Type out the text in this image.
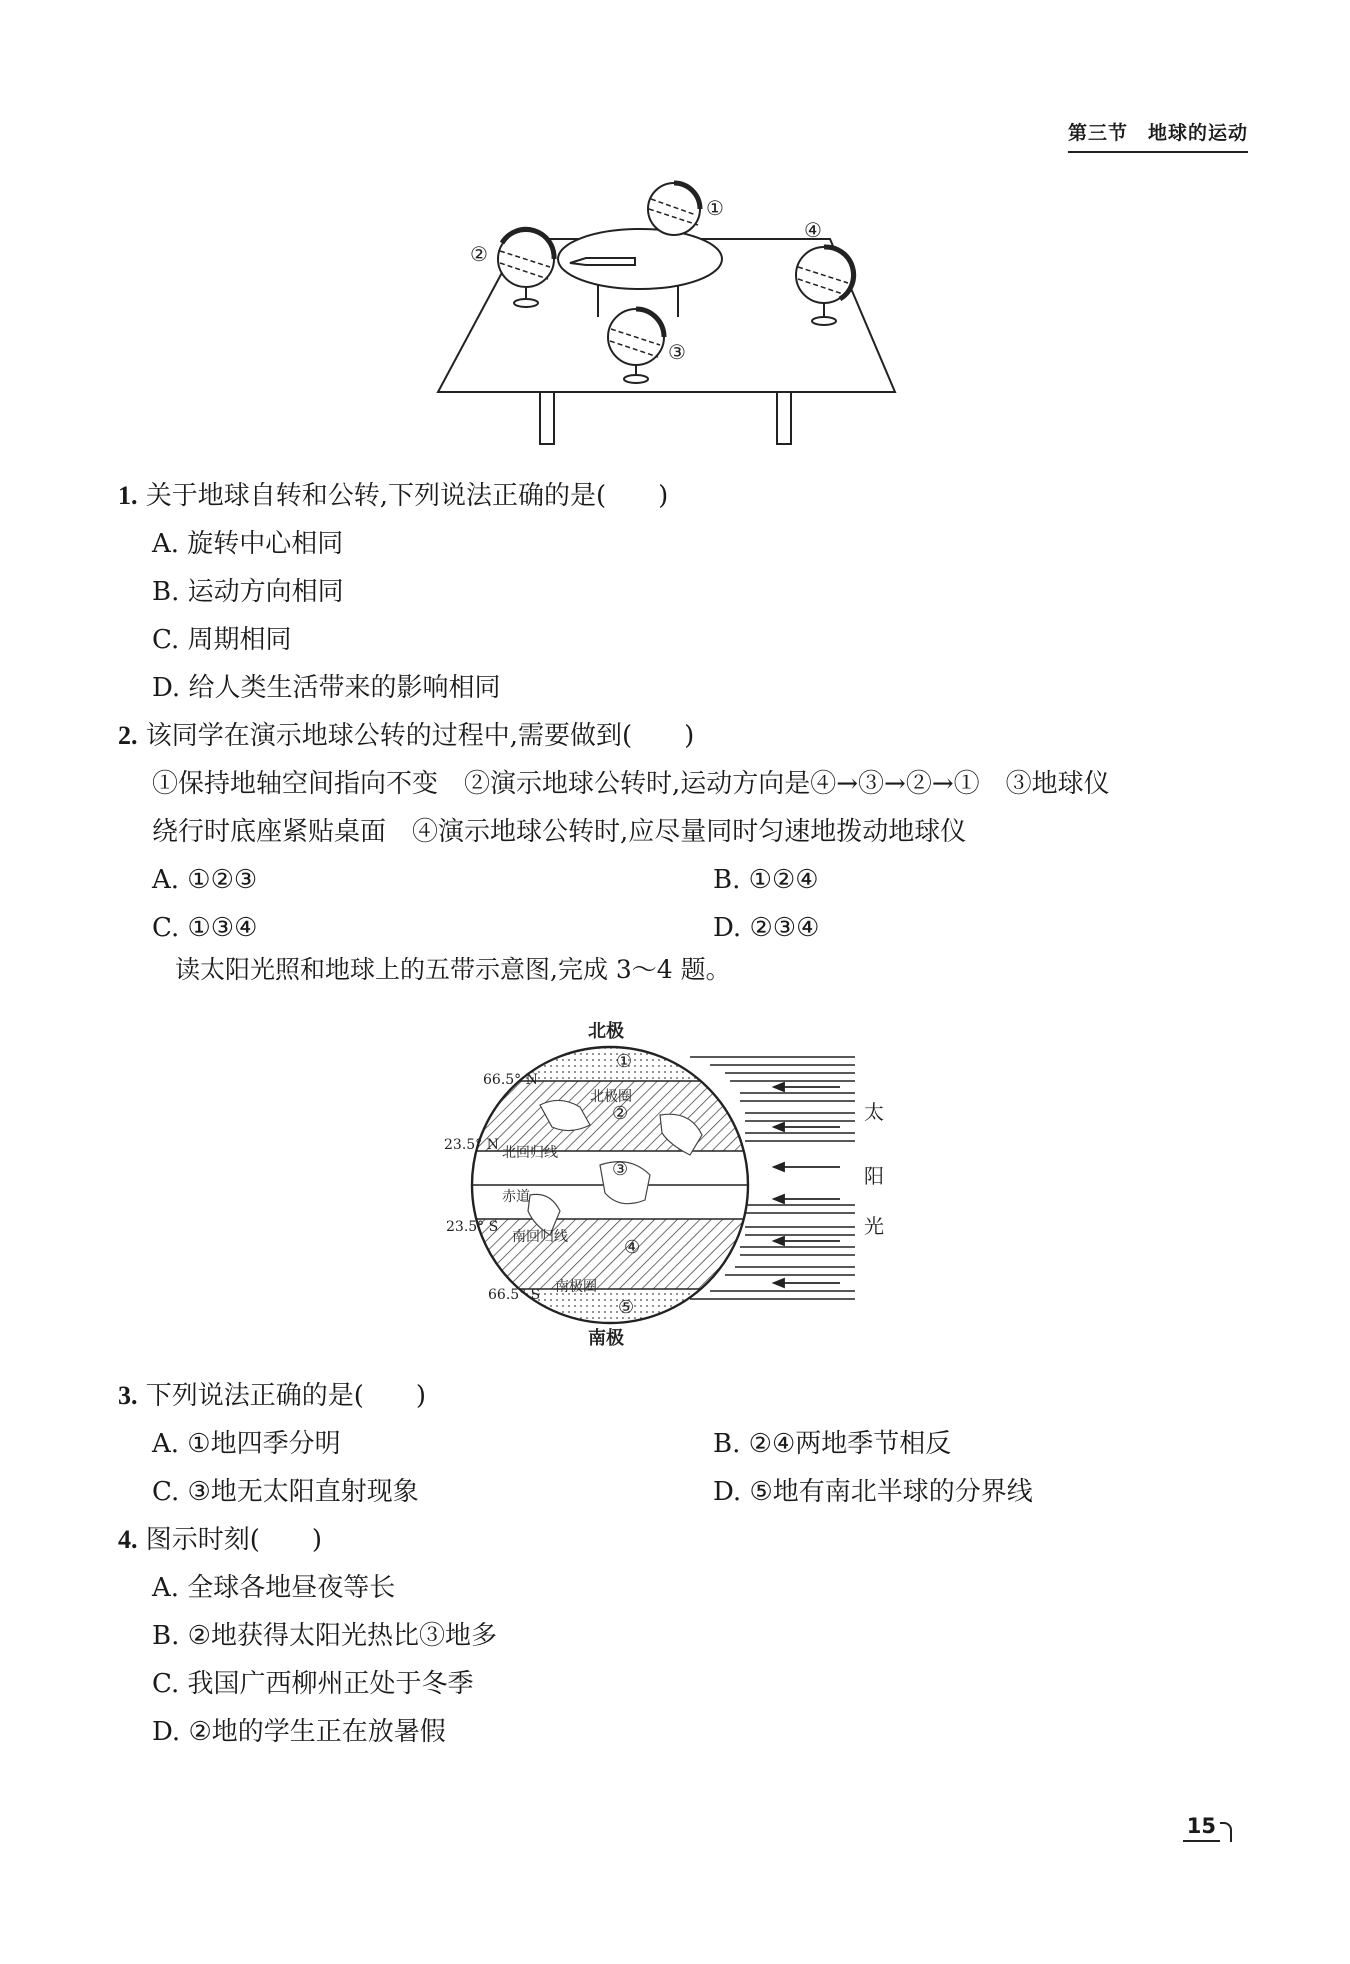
第三节　地球的运动
①
②
③
④
1. 关于地球自转和公转,下列说法正确的是(　　)
A. 旋转中心相同
B. 运动方向相同
C. 周期相同
D. 给人类生活带来的影响相同
2. 该同学在演示地球公转的过程中,需要做到(　　)
①保持地轴空间指向不变　②演示地球公转时,运动方向是④→③→②→①　③地球仪
绕行时底座紧贴桌面　④演示地球公转时,应尽量同时匀速地拨动地球仪
A. ①②③	B. ①②④
C. ①③④	D. ②③④
读太阳光照和地球上的五带示意图,完成 3～4 题。
北极
南极
66.5° N
23.5° N
23.5° S
66.5° S
北极圈
北回归线
赤道
南回归线
南极圈
①
②
③
④
⑤
太
阳
光
3. 下列说法正确的是(　　)
A. ①地四季分明	B. ②④两地季节相反
C. ③地无太阳直射现象	D. ⑤地有南北半球的分界线
4. 图示时刻(　　)
A. 全球各地昼夜等长
B. ②地获得太阳光热比③地多
C. 我国广西柳州正处于冬季
D. ②地的学生正在放暑假
15
